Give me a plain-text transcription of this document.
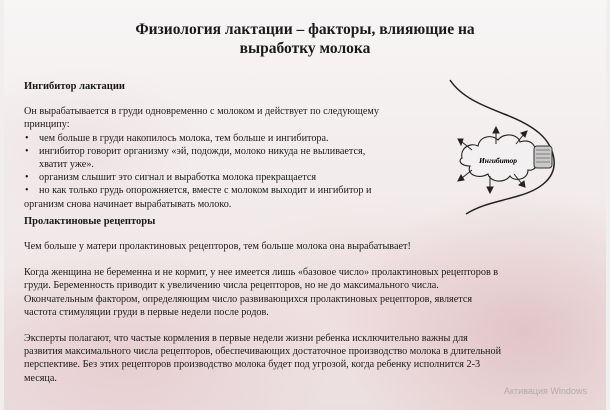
Физиология лактации – факторы, влияющие на
выработку молока
Ингибитор лактации

Он вырабатывается в груди одновременно с молоком и действует по следующему

принципу:

• чем больше в груди накопилось молока, тем больше и ингибитора.
• ингибитор говорит организму «эй, подожди, молоко никуда не выливается,
хватит уже».
• организм слышит это сигнал и выработка молока прекращается
• но как только грудь опорожняется, вместе с молоком выходит и ингибитор и

организм снова начинает вырабатывать молоко.

Пролактиновые рецепторы

Чем больше у матери пролактиновых рецепторов, тем больше молока она вырабатывает!

Когда женщина не беременна и не кормит, у нее имеется лишь «базовое число» пролактиновых рецепторов в
груди. Беременность приводит к увеличению числа рецепторов, но не до максимального числа.
Окончательным фактором, определяющим число развивающихся пролактиновых рецепторов, является
частота стимуляции груди в первые недели после родов.
Эксперты полагают, что частые кормления в первые недели жизни ребенка исключительно важны для
развития максимального числа рецепторов, обеспечивающих достаточное производство молока в длительной
перспективе. Без этих рецепторов производство молока будет под угрозой, когда ребенку исполнится 2-3
месяца.
Ингибитор
Активация Windows
